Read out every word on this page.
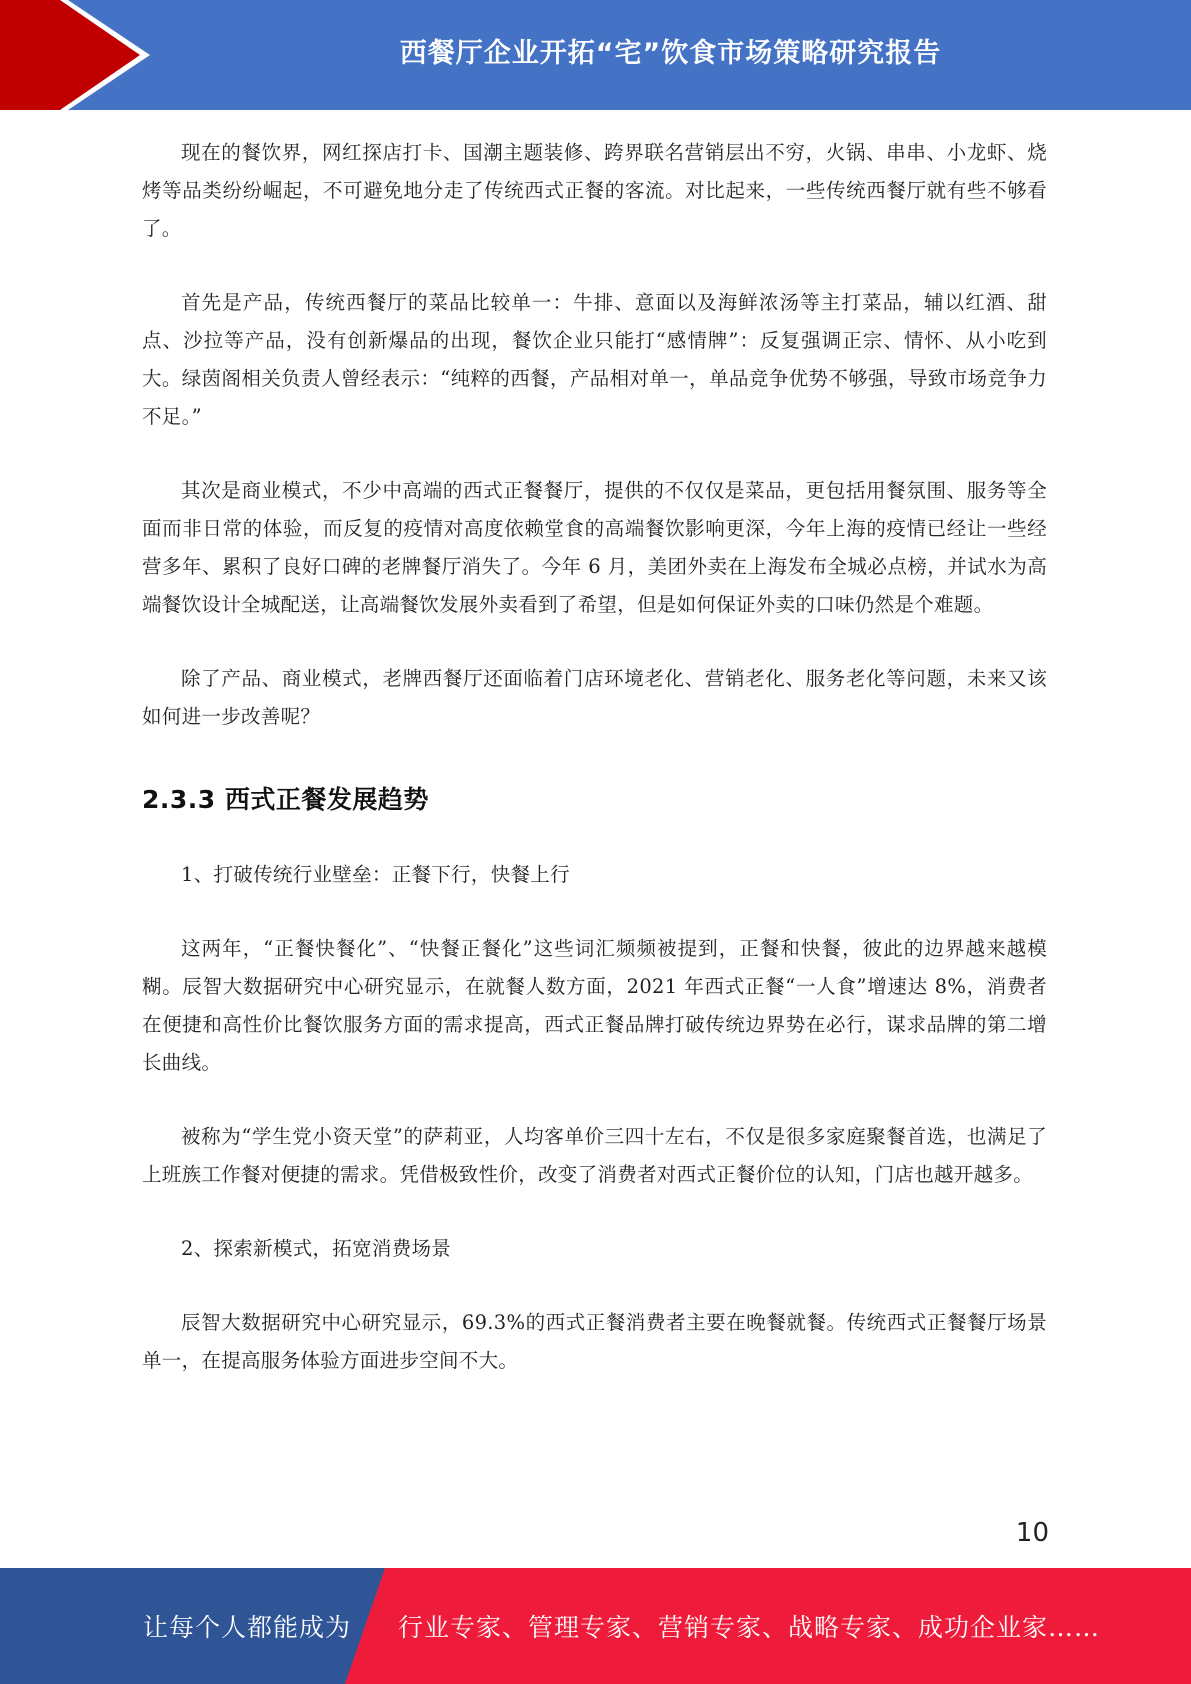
西餐厅企业开拓“宅”饮食市场策略研究报告

现在的餐饮界，网红探店打卡、国潮主题装修、跨界联名营销层出不穷，火锅、串串、小龙虾、烧烤等品类纷纷崛起，不可避免地分走了传统西式正餐的客流。对比起来，一些传统西餐厅就有些不够看了。

首先是产品，传统西餐厅的菜品比较单一：牛排、意面以及海鲜浓汤等主打菜品，辅以红酒、甜点、沙拉等产品，没有创新爆品的出现，餐饮企业只能打“感情牌”：反复强调正宗、情怀、从小吃到大。绿茵阁相关负责人曾经表示：“纯粹的西餐，产品相对单一，单品竞争优势不够强，导致市场竞争力不足。”

其次是商业模式，不少中高端的西式正餐餐厅，提供的不仅仅是菜品，更包括用餐氛围、服务等全面而非日常的体验，而反复的疫情对高度依赖堂食的高端餐饮影响更深，今年上海的疫情已经让一些经营多年、累积了良好口碑的老牌餐厅消失了。今年 6 月，美团外卖在上海发布全城必点榜，并试水为高端餐饮设计全城配送，让高端餐饮发展外卖看到了希望，但是如何保证外卖的口味仍然是个难题。

除了产品、商业模式，老牌西餐厅还面临着门店环境老化、营销老化、服务老化等问题，未来又该如何进一步改善呢？

2.3.3 西式正餐发展趋势

1、打破传统行业壁垒：正餐下行，快餐上行

这两年，“正餐快餐化”、“快餐正餐化”这些词汇频频被提到，正餐和快餐，彼此的边界越来越模糊。辰智大数据研究中心研究显示，在就餐人数方面，2021 年西式正餐“一人食”增速达 8%，消费者在便捷和高性价比餐饮服务方面的需求提高，西式正餐品牌打破传统边界势在必行，谋求品牌的第二增长曲线。

被称为“学生党小资天堂”的萨莉亚，人均客单价三四十左右，不仅是很多家庭聚餐首选，也满足了上班族工作餐对便捷的需求。凭借极致性价，改变了消费者对西式正餐价位的认知，门店也越开越多。

2、探索新模式，拓宽消费场景

辰智大数据研究中心研究显示，69.3%的西式正餐消费者主要在晚餐就餐。传统西式正餐餐厅场景单一，在提高服务体验方面进步空间不大。

10
让每个人都能成为 行业专家、管理专家、营销专家、战略专家、成功企业家……
